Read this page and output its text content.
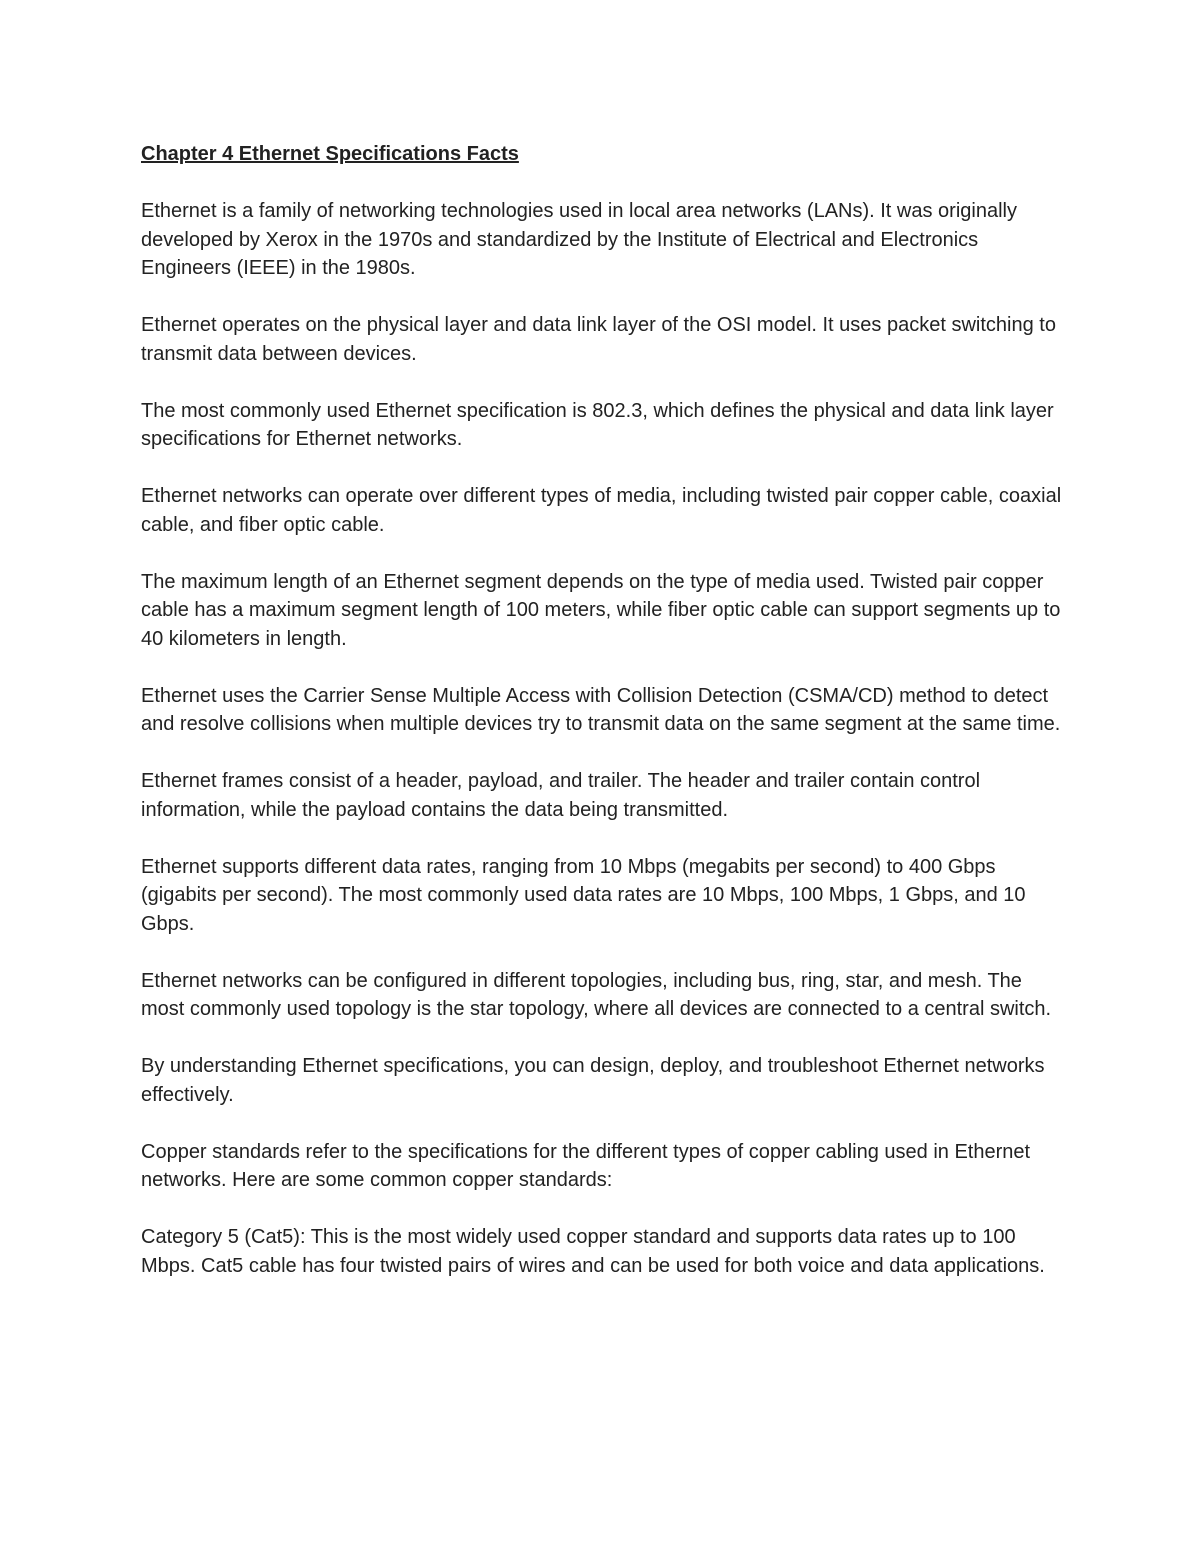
Chapter 4 Ethernet Specifications Facts

Ethernet is a family of networking technologies used in local area networks (LANs). It was originally developed by Xerox in the 1970s and standardized by the Institute of Electrical and Electronics Engineers (IEEE) in the 1980s.

Ethernet operates on the physical layer and data link layer of the OSI model. It uses packet switching to transmit data between devices.

The most commonly used Ethernet specification is 802.3, which defines the physical and data link layer specifications for Ethernet networks.

Ethernet networks can operate over different types of media, including twisted pair copper cable, coaxial cable, and fiber optic cable.

The maximum length of an Ethernet segment depends on the type of media used. Twisted pair copper cable has a maximum segment length of 100 meters, while fiber optic cable can support segments up to 40 kilometers in length.

Ethernet uses the Carrier Sense Multiple Access with Collision Detection (CSMA/CD) method to detect and resolve collisions when multiple devices try to transmit data on the same segment at the same time.

Ethernet frames consist of a header, payload, and trailer. The header and trailer contain control information, while the payload contains the data being transmitted.

Ethernet supports different data rates, ranging from 10 Mbps (megabits per second) to 400 Gbps (gigabits per second). The most commonly used data rates are 10 Mbps, 100 Mbps, 1 Gbps, and 10 Gbps.

Ethernet networks can be configured in different topologies, including bus, ring, star, and mesh. The most commonly used topology is the star topology, where all devices are connected to a central switch.

By understanding Ethernet specifications, you can design, deploy, and troubleshoot Ethernet networks effectively.

Copper standards refer to the specifications for the different types of copper cabling used in Ethernet networks. Here are some common copper standards:

Category 5 (Cat5): This is the most widely used copper standard and supports data rates up to 100 Mbps. Cat5 cable has four twisted pairs of wires and can be used for both voice and data applications.
